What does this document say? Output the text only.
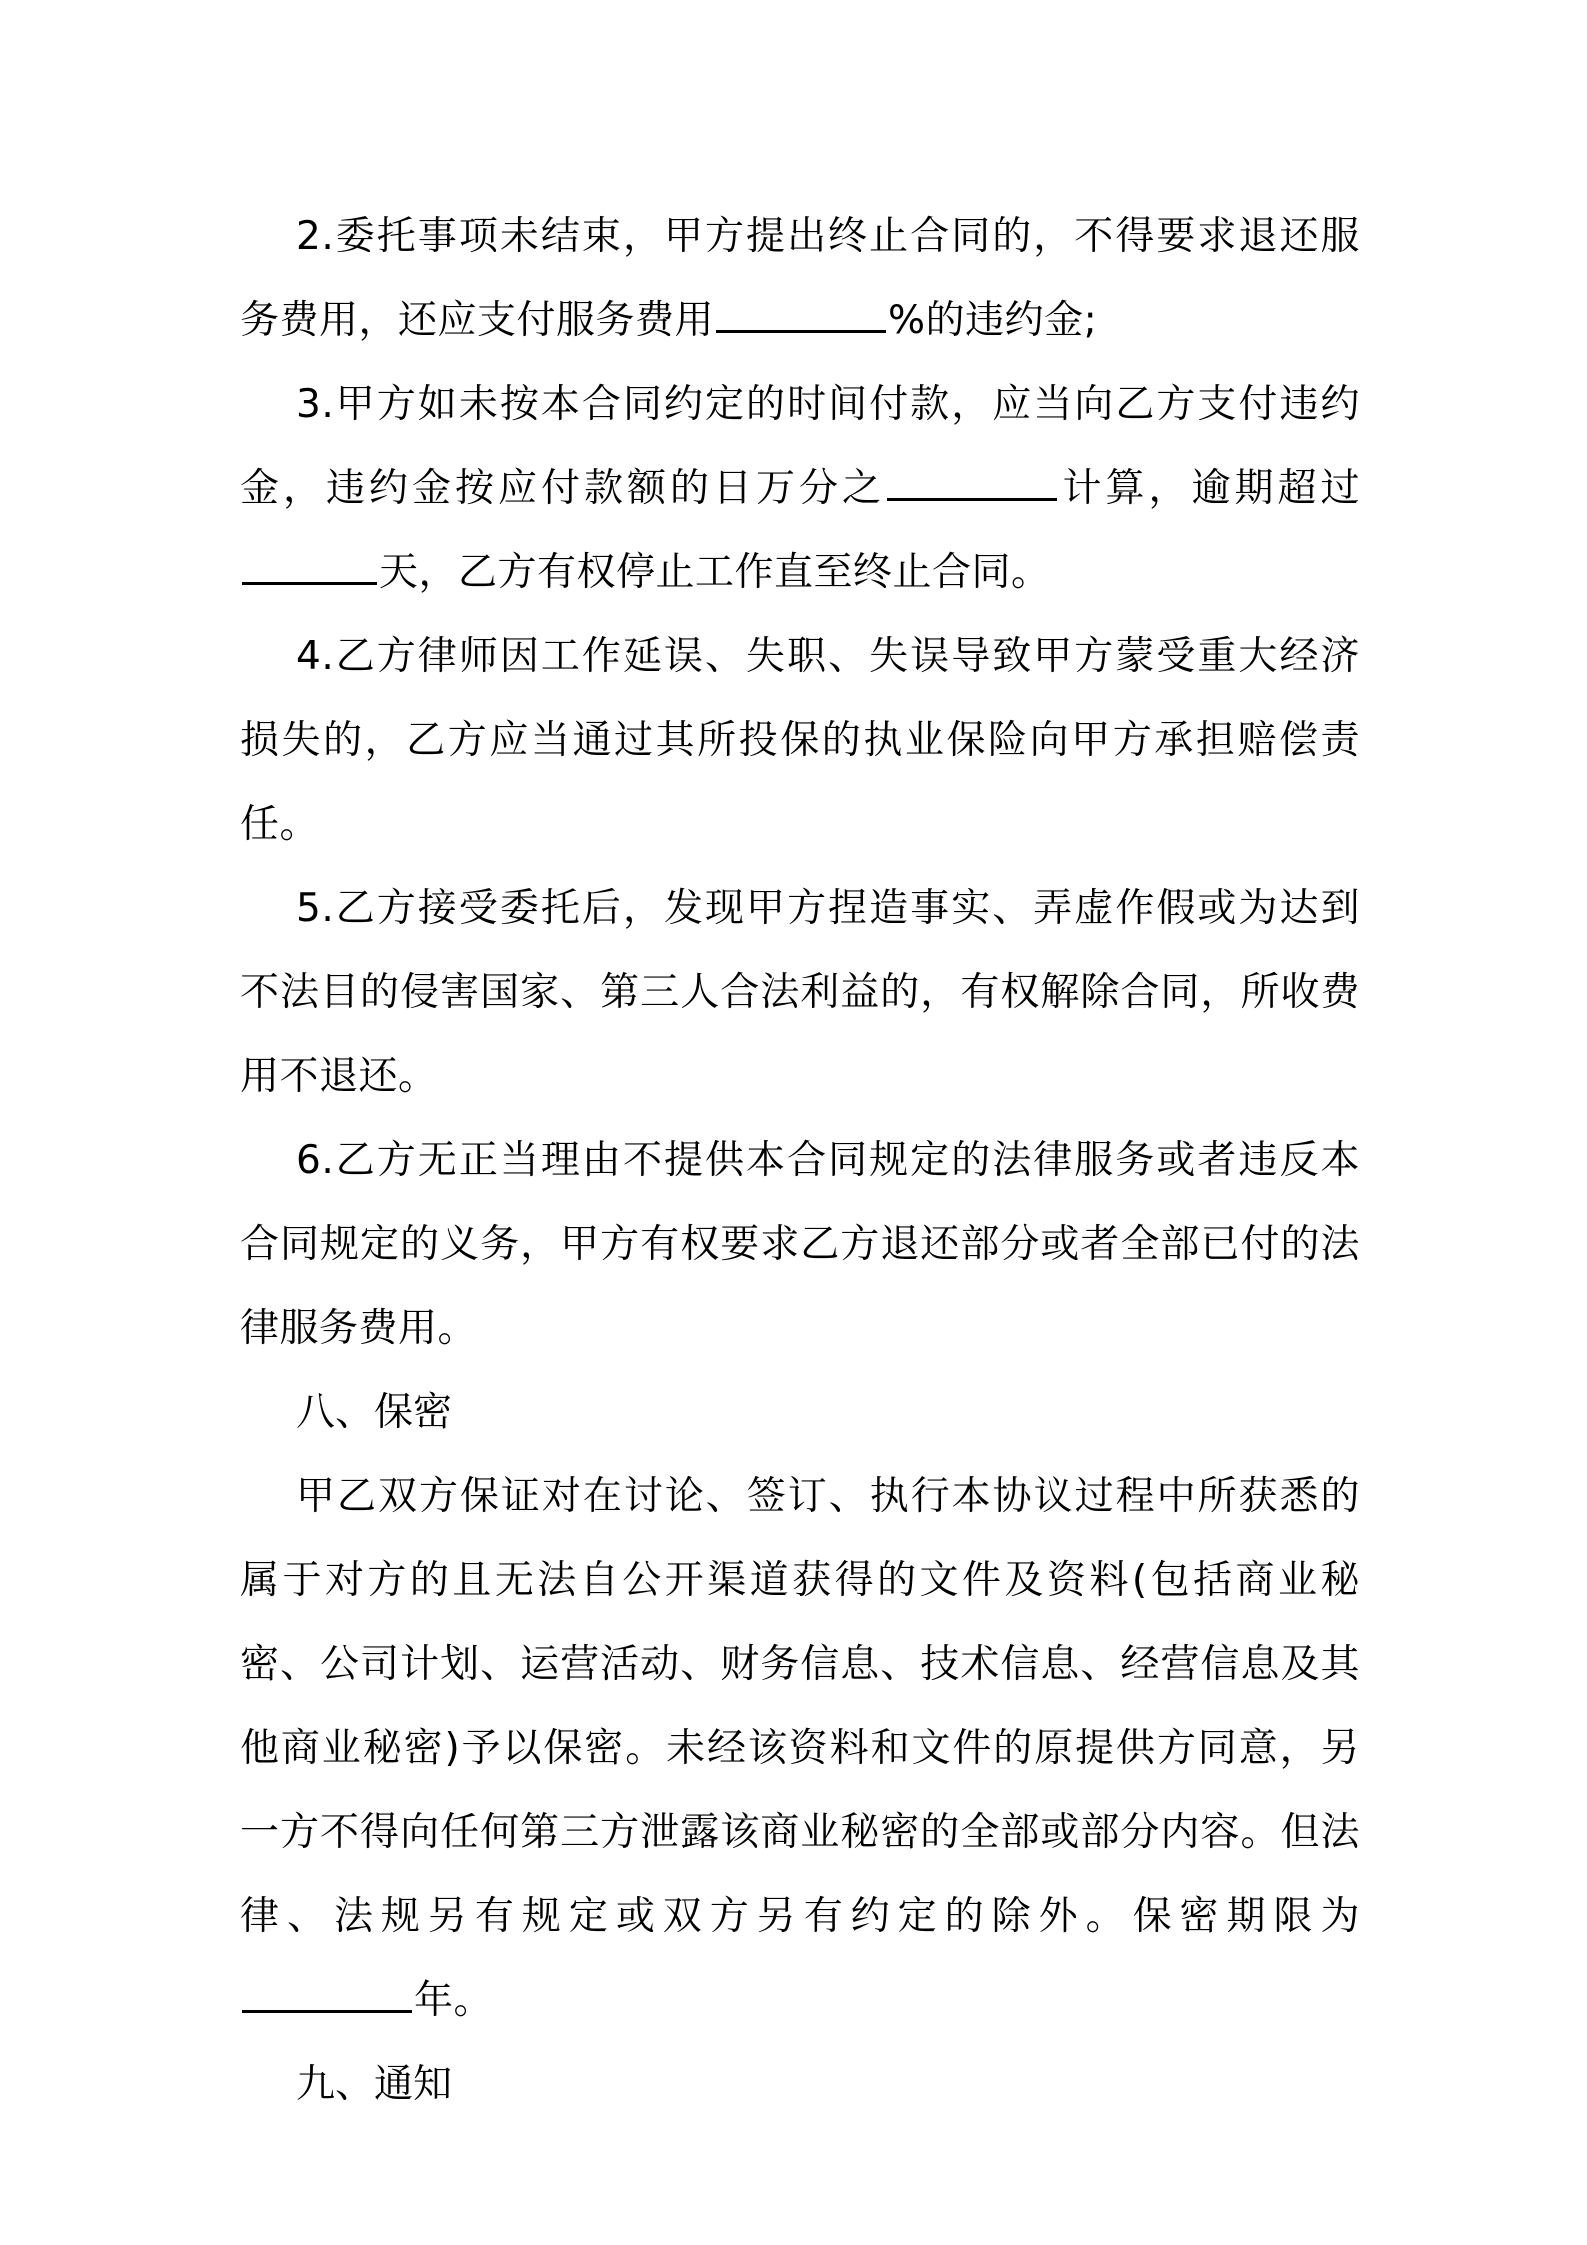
2.委托事项未结束，甲方提出终止合同的，不得要求退还服务费用，还应支付服务费用	%的违约金;

3.甲方如未按本合同约定的时间付款，应当向乙方支付违约金，违约金按应付款额的日万分之	计算，逾期超过天，乙方有权停止工作直至终止合同。

4.乙方律师因工作延误、失职、失误导致甲方蒙受重大经济损失的，乙方应当通过其所投保的执业保险向甲方承担赔偿责任。

5.乙方接受委托后，发现甲方捏造事实、弄虚作假或为达到不法目的侵害国家、第三人合法利益的，有权解除合同，所收费用不退还。

6.乙方无正当理由不提供本合同规定的法律服务或者违反本合同规定的义务，甲方有权要求乙方退还部分或者全部已付的法律服务费用。

八、保密

甲乙双方保证对在讨论、签订、执行本协议过程中所获悉的属于对方的且无法自公开渠道获得的文件及资料(包括商业秘密、公司计划、运营活动、财务信息、技术信息、经营信息及其他商业秘密)予以保密。未经该资料和文件的原提供方同意，另一方不得向任何第三方泄露该商业秘密的全部或部分内容。但法律、法规另有规定或双方另有约定的除外。保密期限为年。

九、通知
